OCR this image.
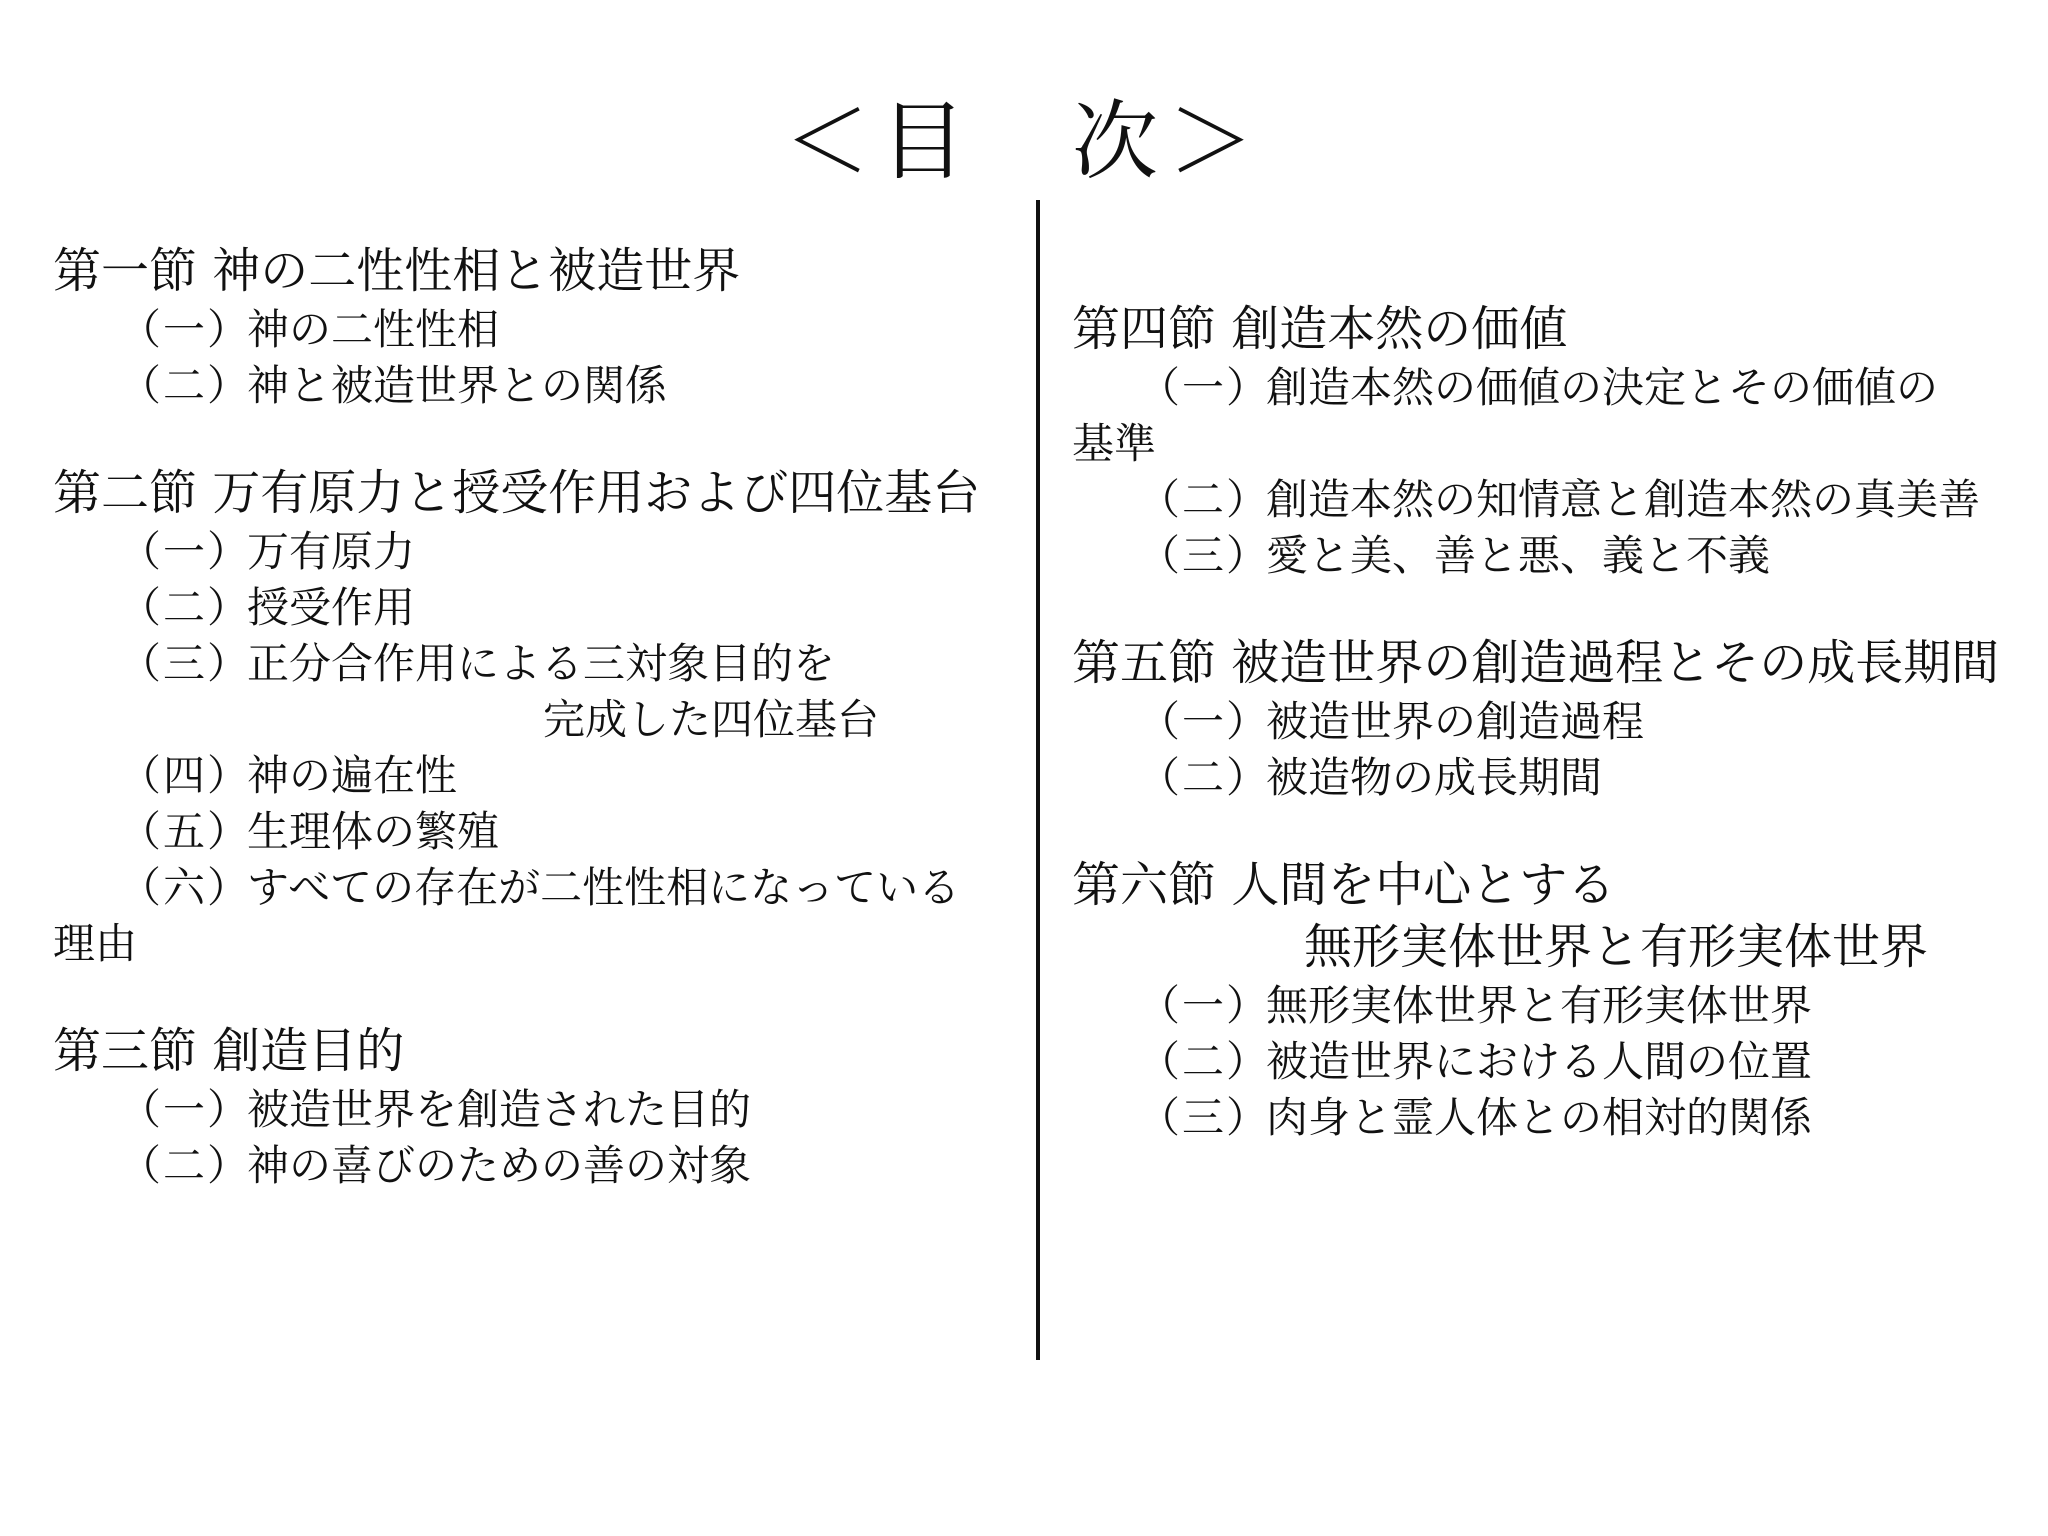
＜目　次＞
第一節 神の二性性相と被造世界
（一）
神の二性性相
（二）
神と被造世界との関係
第二節 万有原力と授受作用および四位基台
（一）
万有原力
（二）
授受作用
（三）
正分合作用による三対象目的を
完成した四位基台
（四）
神の遍在性
（五）
生理体の繁殖
（六）
すべての存在が二性性相になっている
理由
第三節 創造目的
（一）
被造世界を創造された目的
（二）
神の喜びのための善の対象
第四節 創造本然の価値
（一）
創造本然の価値の決定とその価値の
基準
（二）
創造本然の知情意と創造本然の真美善
（三）
愛と美、善と悪、義と不義
第五節 被造世界の創造過程とその成長期間
（一）
被造世界の創造過程
（二）
被造物の成長期間
第六節 人間を中心とする
無形実体世界と有形実体世界
（一）
無形実体世界と有形実体世界
（二）
被造世界における人間の位置
（三）
肉身と霊人体との相対的関係
